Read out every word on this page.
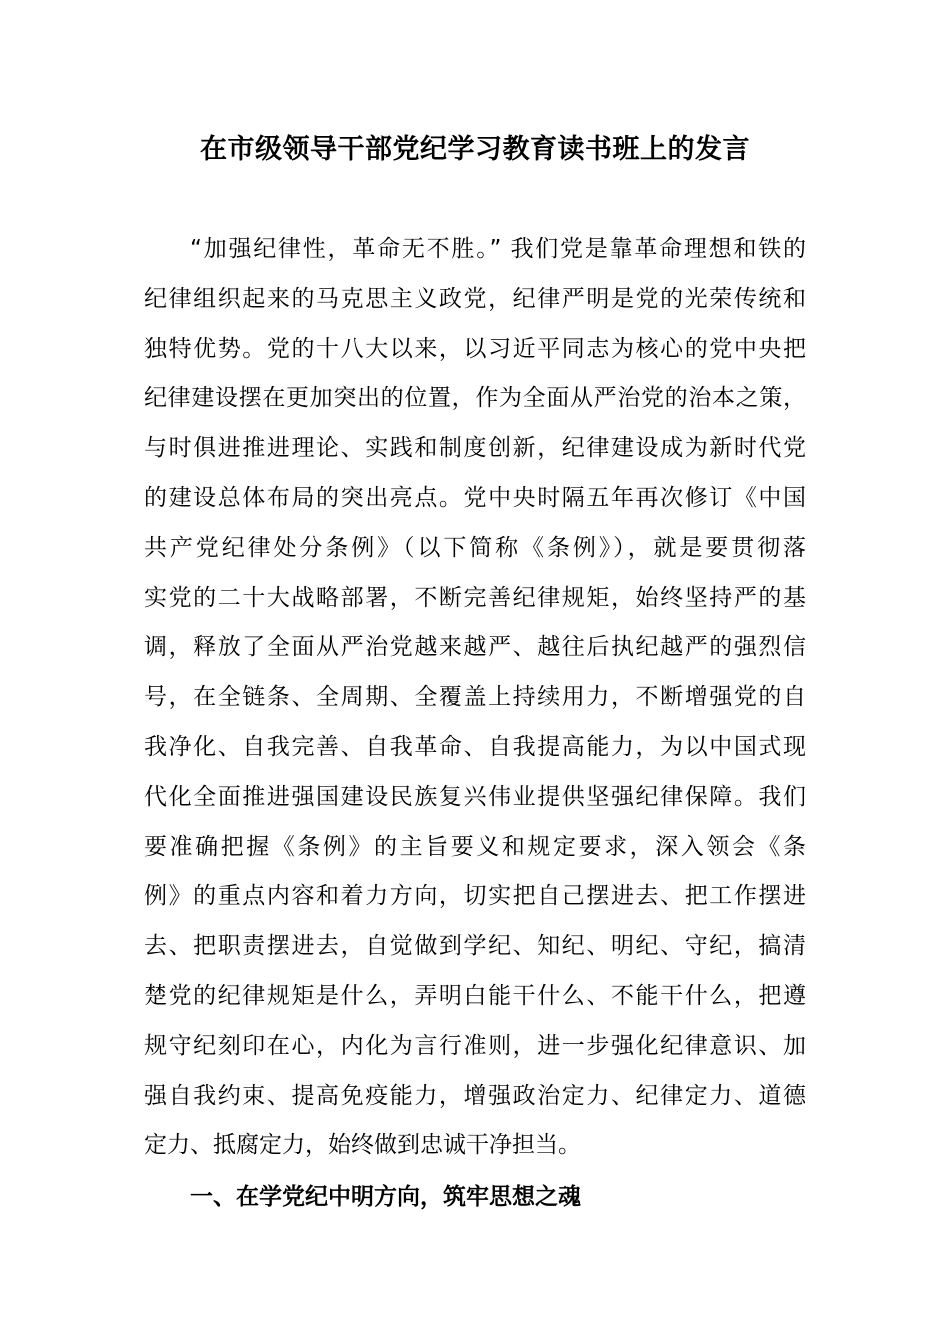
在市级领导干部党纪学习教育读书班上的发言
“加强纪律性，革命无不胜。” 我们党是靠革命理想和铁的
纪律组织起来的马克思主义政党，纪律严明是党的光荣传统和
独特优势。党的十八大以来，以习近平同志为核心的党中央把
纪律建设摆在更加突出的位置，作为全面从严治党的治本之策，
与时俱进推进理论、实践和制度创新，纪律建设成为新时代党
的建设总体布局的突出亮点。党中央时隔五年再次修订《中国
共产党纪律处分条例》（以下简称《条例》），就是要贯彻落
实党的二十大战略部署，不断完善纪律规矩，始终坚持严的基
调，释放了全面从严治党越来越严、越往后执纪越严的强烈信
号，在全链条、全周期、全覆盖上持续用力，不断增强党的自
我净化、自我完善、自我革命、自我提高能力，为以中国式现
代化全面推进强国建设民族复兴伟业提供坚强纪律保障。我们
要准确把握《条例》的主旨要义和规定要求，深入领会《条
例》的重点内容和着力方向，切实把自己摆进去、把工作摆进
去、把职责摆进去，自觉做到学纪、知纪、明纪、守纪，搞清
楚党的纪律规矩是什么，弄明白能干什么、不能干什么，把遵
规守纪刻印在心，内化为言行准则，进一步强化纪律意识、加
强自我约束、提高免疫能力，增强政治定力、纪律定力、道德
定力、抵腐定力，始终做到忠诚干净担当。
一、在学党纪中明方向，筑牢思想之魂
